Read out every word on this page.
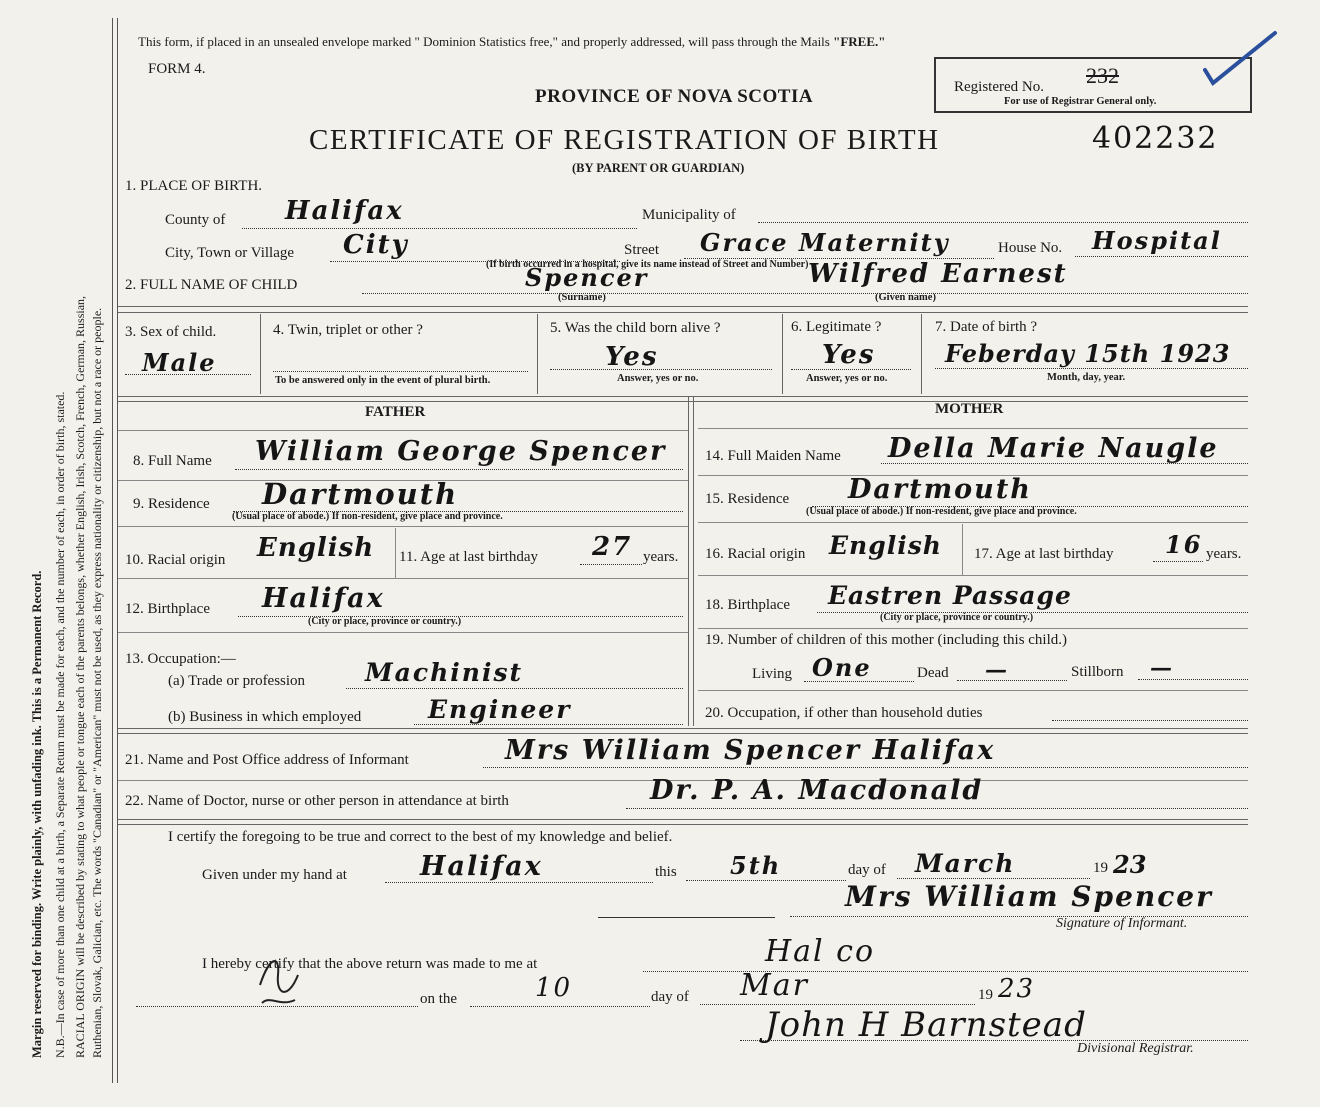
Margin reserved for binding. Write plainly, with unfading ink. This is a Permanent Record. N.B.—In case of more than one child at a birth, a Separate Return must be made for each, and the number of each, in order of birth, stated. RACIAL ORIGIN will be described by stating to what people or tongue each of the parents belongs, whether English, Irish, Scotch, French, German, Russian, Ruthenian, Slovak, Galician, etc. The words "Canadian" or "American" must not be used, as they express nationality or citizenship, but not a race or people.
This form, if placed in an unsealed envelope marked " Dominion Statistics free," and properly addressed, will pass through the Mails "FREE."
FORM 4.
PROVINCE OF NOVA SCOTIA
CERTIFICATE OF REGISTRATION OF BIRTH	402232
(BY PARENT OR GUARDIAN)
Registered No. 232
For use of Registrar General only.
1. PLACE OF BIRTH.
County of Halifax	Municipality of
City, Town or Village City	Street Grace Maternity	House No. Hospital
(If birth occurred in a hospital, give its name instead of Street and Number)
2. FULL NAME OF CHILD	Spencer
(Surname)
Wilfred Earnest
(Given name)
3. Sex of child.
Male
4. Twin, triplet or other ?
To be answered only in the event of plural birth.
5. Was the child born alive ?
Yes
Answer, yes or no.
6. Legitimate ?
Yes
Answer, yes or no.
7. Date of birth ?
Feberday 15th 1923
Month, day, year.
FATHER	MOTHER
8. Full Name William George Spencer
9. Residence Dartmouth
(Usual place of abode.) If non-resident, give place and province.
10. Racial origin English 11. Age at last birthday 27 years.
12. Birthplace Halifax
(City or place, province or country.)
13. Occupation:—
(a) Trade or profession Machinist
(b) Business in which employed	Engineer
14. Full Maiden Name Della Marie Naugle
15. Residence Dartmouth
(Usual place of abode.) If non-resident, give place and province.
16. Racial origin English 17. Age at last birthday 16 years.
18. Birthplace Eastren Passage
(City or place, province or country.)
19. Number of children of this mother (including this child.)
Living One	Dead —	Stillborn —
20. Occupation, if other than household duties
21. Name and Post Office address of Informant	Mrs William Spencer Halifax
22. Name of Doctor, nurse or other person in attendance at birth	Dr. P. A. Macdonald
I certify the foregoing to be true and correct to the best of my knowledge and belief.
Given under my hand at	Halifax	this 5th	day of March	19 23
Mrs William Spencer
Signature of Informant.
I hereby certify that the above return was made to me at	Hal co
on the	10	day of Mar	19 23
John H Barnstead
Divisional Registrar.
